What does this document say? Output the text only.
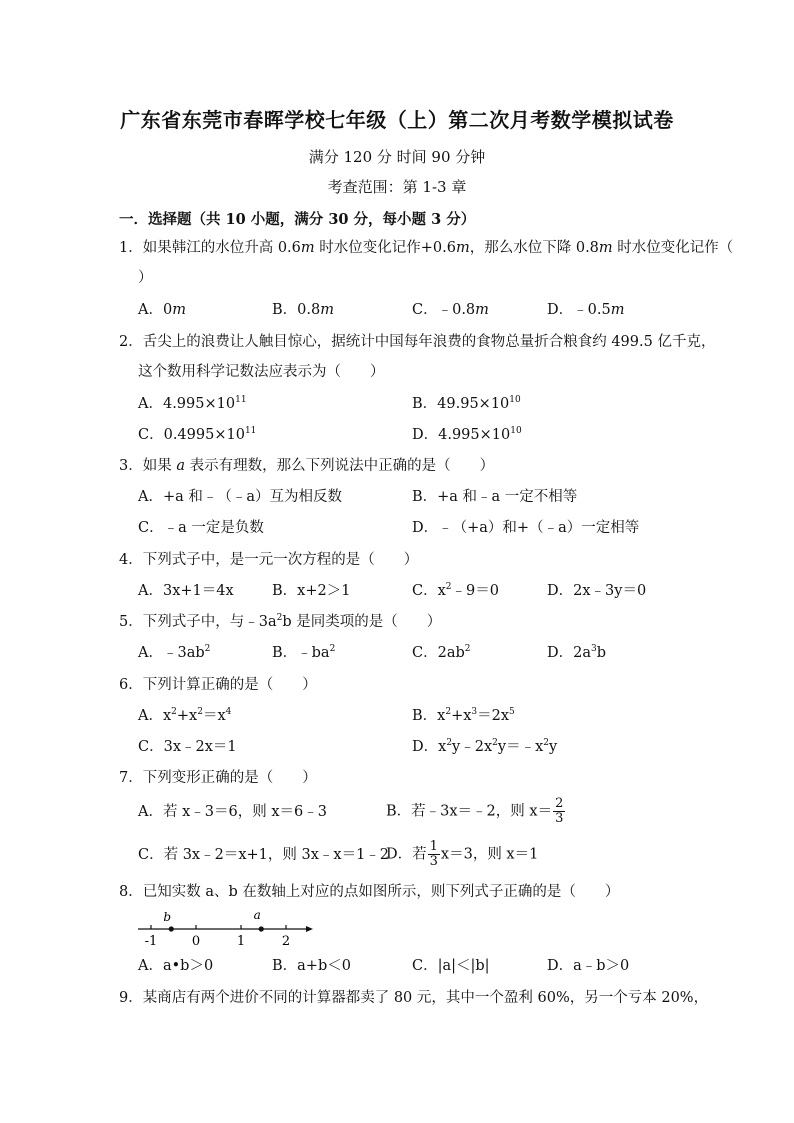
广东省东莞市春晖学校七年级（上）第二次月考数学模拟试卷
满分 120 分 时间 90 分钟
考查范围：第 1-3 章
一．选择题（共 10 小题，满分 30 分，每小题 3 分）
1．如果韩江的水位升高 0.6m 时水位变化记作+0.6m，那么水位下降 0.8m 时水位变化记作（
）
A．0m	B．0.8m	C．﹣0.8m	D．﹣0.5m
2．舌尖上的浪费让人触目惊心，据统计中国每年浪费的食物总量折合粮食约 499.5 亿千克，
这个数用科学记数法应表示为（　　）
A．$4.995\times 10^{11}$	B．$49.95\times 10^{10}$
C．$0.4995\times 10^{11}$	D．$4.995\times 10^{10}$
3．如果 a 表示有理数，那么下列说法中正确的是（　　）
A．+a 和﹣（﹣a）互为相反数	B．+a 和﹣a 一定不相等
C．﹣a 一定是负数	D．﹣（+a）和+（﹣a）一定相等
4．下列式子中，是一元一次方程的是（　　）
A．3x+1＝4x	B．x+2＞1	C．$x^2﹣9=0$	D．2x﹣3y＝0
5．下列式子中，与$﹣3a^2b$ 是同类项的是（　　）
A．$﹣3ab^2$	B．$﹣ba^2$	C．$2ab^2$	D．$2a^3b$
6．下列计算正确的是（　　）
A．$x^2+x^2=x^4$	B．$x^2+x^3=2x^5$
C．3x﹣2x＝1	D．$x^2y﹣2x^2y=﹣x^2y$
7．下列变形正确的是（　　）
A．若 x﹣3＝6，则 x＝6﹣3	B．若﹣3x＝﹣2，则 $x= \frac{2}{3}$
C．若 3x﹣2＝x+1，则 3x﹣x＝1﹣2
D．若 $\frac{1}{3} x=3$，则 x＝1
8．已知实数 a、b 在数轴上对应的点如图所示，则下列式子正确的是（　　）
-1	0	1	2
b	a
A．a•b＞0	B．a+b＜0	C．|a|＜|b|	D．a﹣b＞0
9．某商店有两个进价不同的计算器都卖了 80 元，其中一个盈利 60%，另一个亏本 20%，
